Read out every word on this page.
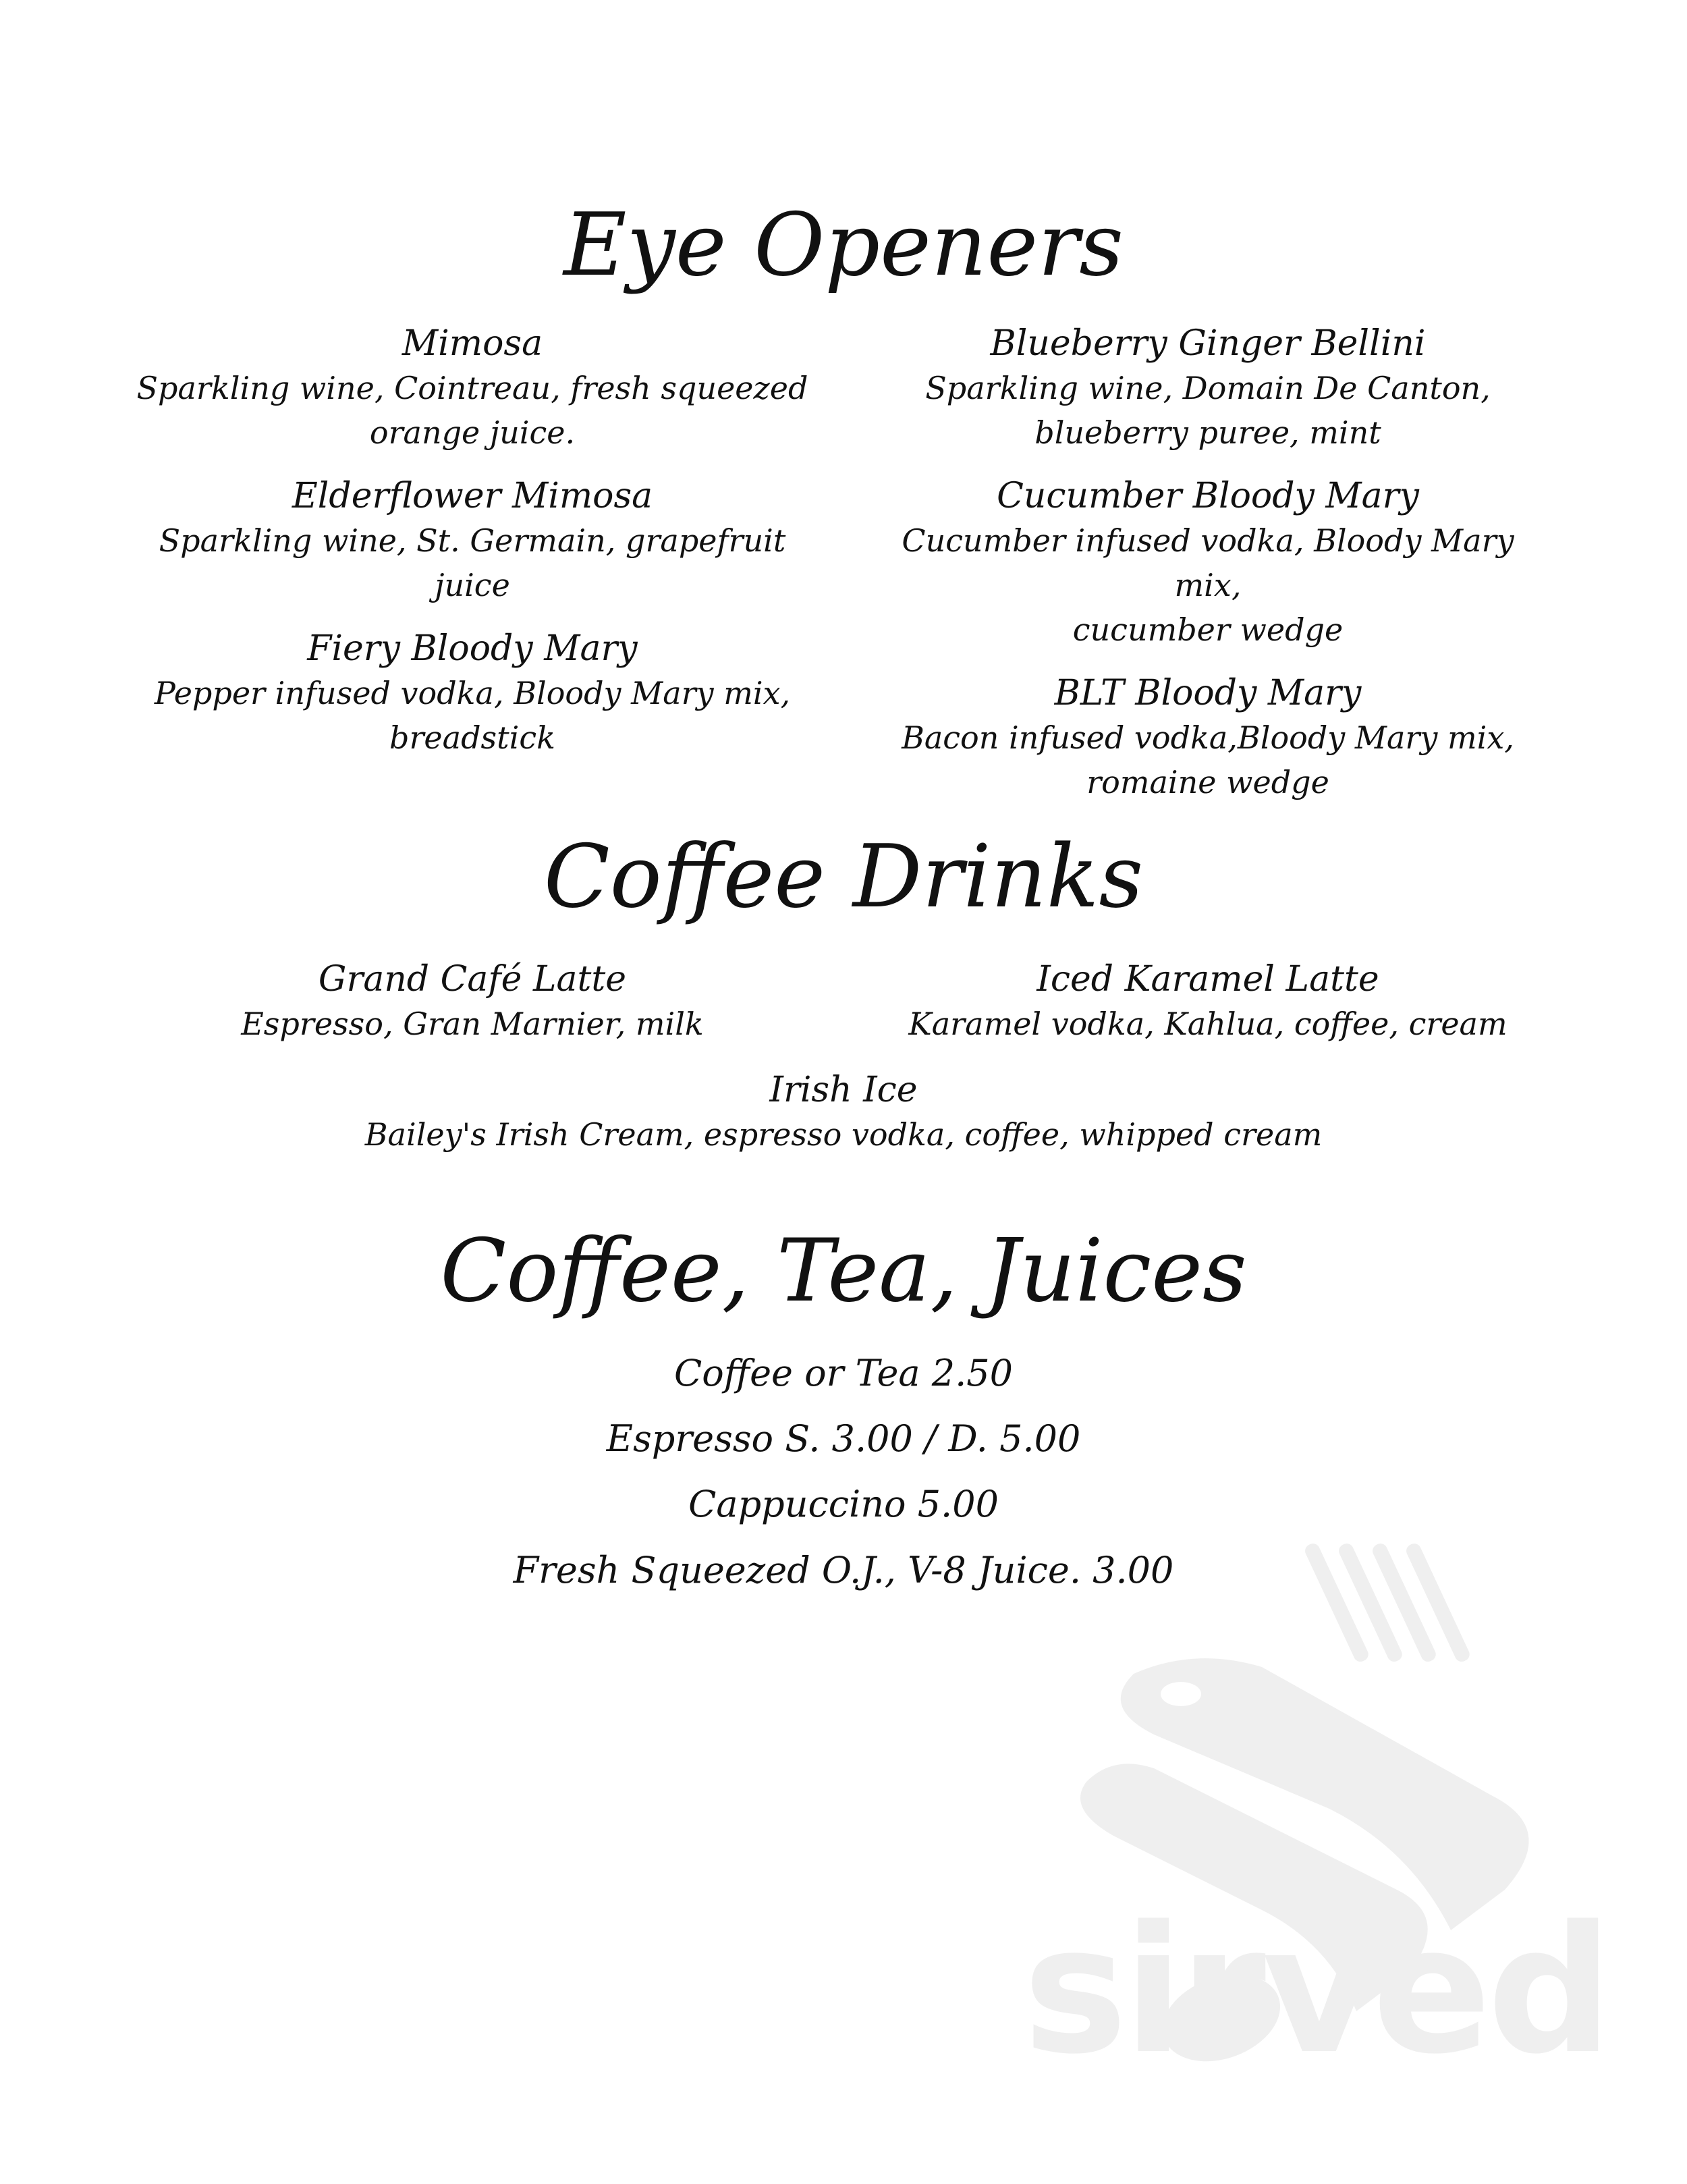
Eye Openers

Mimosa

Sparkling wine, Cointreau, fresh squeezed

orange juice.

Elderflower Mimosa

Sparkling wine, St. Germain, grapefruit juice

Fiery Bloody Mary

Pepper infused vodka, Bloody Mary mix,

breadstick

Blueberry Ginger Bellini

Sparkling wine, Domain De Canton,

blueberry puree, mint

Cucumber Bloody Mary

Cucumber infused vodka, Bloody Mary mix,

cucumber wedge

BLT Bloody Mary

Bacon infused vodka,Bloody Mary mix,

romaine wedge

Coffee Drinks

Grand Café Latte

Espresso, Gran Marnier, milk

Iced Karamel Latte

Karamel vodka, Kahlua, coffee, cream

Irish Ice

Bailey's Irish Cream, espresso vodka, coffee, whipped cream

Coffee, Tea, Juices

Coffee or Tea 2.50

Espresso S. 3.00 / D. 5.00

Cappuccino 5.00

Fresh Squeezed O.J., V-8 Juice. 3.00

sirved
